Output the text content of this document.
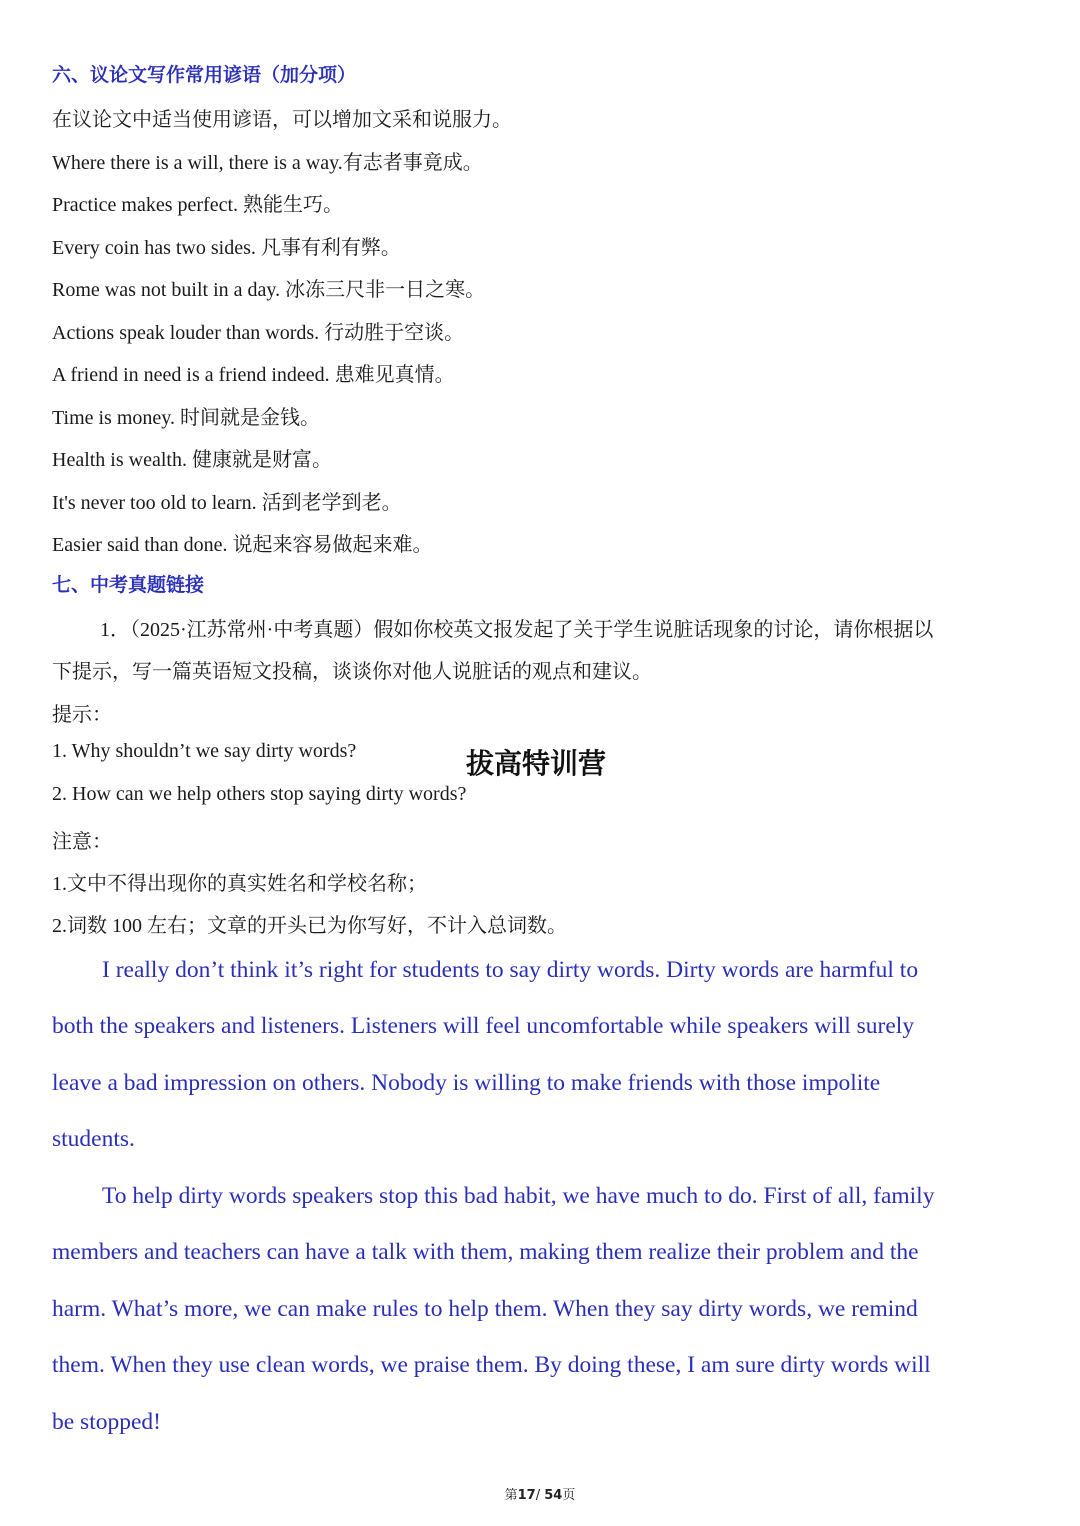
六、议论文写作常用谚语（加分项）
在议论文中适当使用谚语，可以增加文采和说服力。
Where there is a will, there is a way.有志者事竟成。
Practice makes perfect. 熟能生巧。
Every coin has two sides. 凡事有利有弊。
Rome was not built in a day. 冰冻三尺非一日之寒。
Actions speak louder than words. 行动胜于空谈。
A friend in need is a friend indeed. 患难见真情。
Time is money. 时间就是金钱。
Health is wealth. 健康就是财富。
It's never too old to learn. 活到老学到老。
Easier said than done. 说起来容易做起来难。
七、中考真题链接
1．（2025·江苏常州·中考真题）假如你校英文报发起了关于学生说脏话现象的讨论，请你根据以
下提示，写一篇英语短文投稿，谈谈你对他人说脏话的观点和建议。
提示：
1. Why shouldn’t we say dirty words?
2. How can we help others stop saying dirty words?
注意：
1.文中不得出现你的真实姓名和学校名称；
2.词数 100 左右；文章的开头已为你写好，不计入总词数。
拔高特训营
I really don’t think it’s right for students to say dirty words. Dirty words are harmful to
both the speakers and listeners. Listeners will feel uncomfortable while speakers will surely
leave a bad impression on others. Nobody is willing to make friends with those impolite
students.
To help dirty words speakers stop this bad habit, we have much to do. First of all, family
members and teachers can have a talk with them, making them realize their problem and the
harm. What’s more, we can make rules to help them. When they say dirty words, we remind
them. When they use clean words, we praise them. By doing these, I am sure dirty words will
be stopped!
第17/ 54页
